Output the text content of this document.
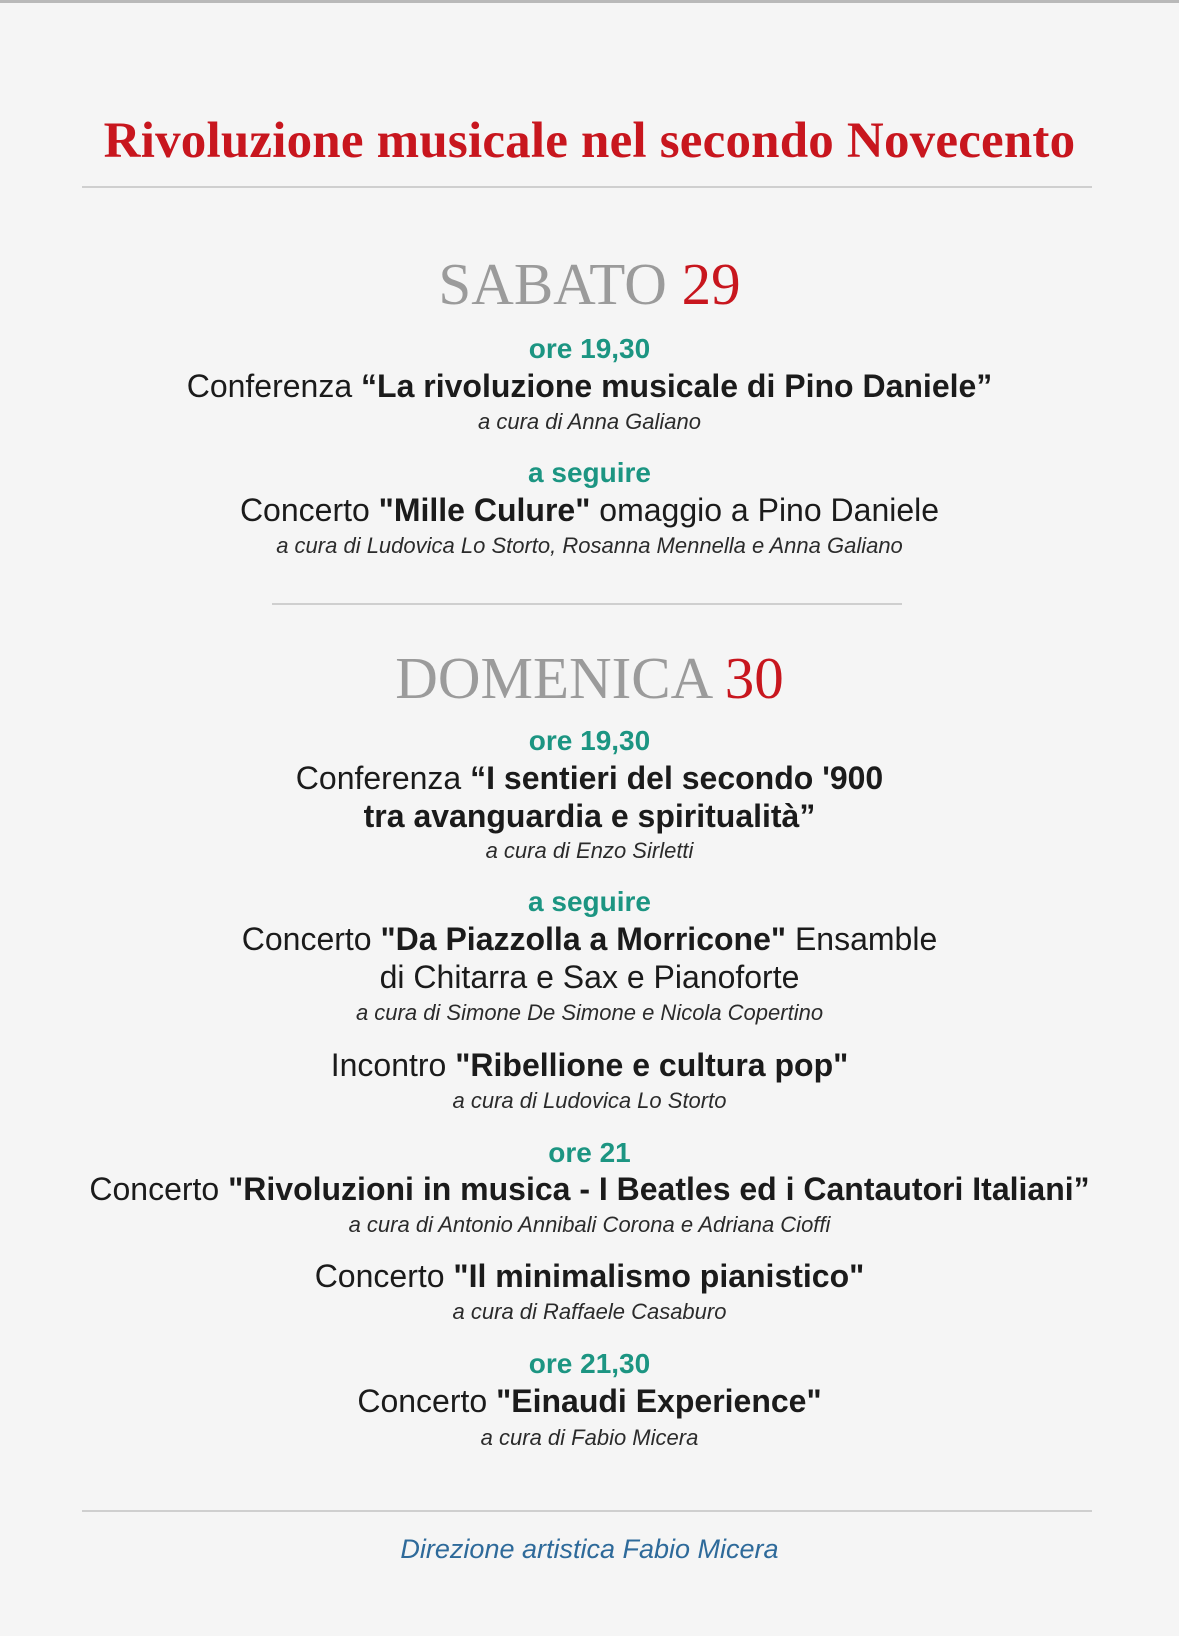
Rivoluzione musicale nel secondo Novecento
SABATO 29
ore 19,30
Conferenza “La rivoluzione musicale di Pino Daniele”
a cura di Anna Galiano
a seguire
Concerto "Mille Culure" omaggio a Pino Daniele
a cura di Ludovica Lo Storto, Rosanna Mennella e Anna Galiano
DOMENICA 30
ore 19,30
Conferenza “I sentieri del secondo '900
tra avanguardia e spiritualità”
a cura di Enzo Sirletti
a seguire
Concerto "Da Piazzolla a Morricone" Ensamble
di Chitarra e Sax e Pianoforte
a cura di Simone De Simone e Nicola Copertino
Incontro "Ribellione e cultura pop"
a cura di Ludovica Lo Storto
ore 21
Concerto "Rivoluzioni in musica - I Beatles ed i Cantautori Italiani”
a cura di Antonio Annibali Corona e Adriana Cioffi
Concerto "Il minimalismo pianistico"
a cura di Raffaele Casaburo
ore 21,30
Concerto "Einaudi Experience"
a cura di Fabio Micera
Direzione artistica Fabio Micera
